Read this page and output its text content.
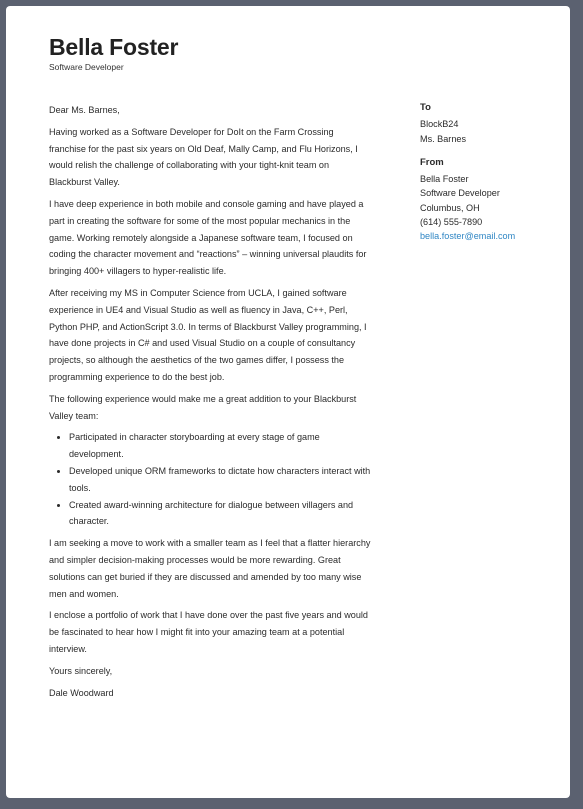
Bella Foster
Software Developer

Dear Ms. Barnes,

Having worked as a Software Developer for DoIt on the Farm Crossing franchise for the past six years on Old Deaf, Mally Camp, and Flu Horizons, I would relish the challenge of collaborating with your tight-knit team on Blackburst Valley.

I have deep experience in both mobile and console gaming and have played a part in creating the software for some of the most popular mechanics in the game. Working remotely alongside a Japanese software team, I focused on coding the character movement and “reactions” – winning universal plaudits for bringing 400+ villagers to hyper-realistic life.

After receiving my MS in Computer Science from UCLA, I gained software experience in UE4 and Visual Studio as well as fluency in Java, C++, Perl, Python PHP, and ActionScript 3.0. In terms of Blackburst Valley programming, I have done projects in C# and used Visual Studio on a couple of consultancy projects, so although the aesthetics of the two games differ, I possess the programming experience to do the best job.

The following experience would make me a great addition to your Blackburst Valley team:

• Participated in character storyboarding at every stage of game development.
• Developed unique ORM frameworks to dictate how characters interact with tools.
• Created award-winning architecture for dialogue between villagers and character.

I am seeking a move to work with a smaller team as I feel that a flatter hierarchy and simpler decision-making processes would be more rewarding. Great solutions can get buried if they are discussed and amended by too many wise men and women.

I enclose a portfolio of work that I have done over the past five years and would be fascinated to hear how I might fit into your amazing team at a potential interview.

Yours sincerely,

Dale Woodward

To
BlockB24
Ms. Barnes
From
Bella Foster
Software Developer
Columbus, OH
(614) 555-7890
bella.foster@email.com
